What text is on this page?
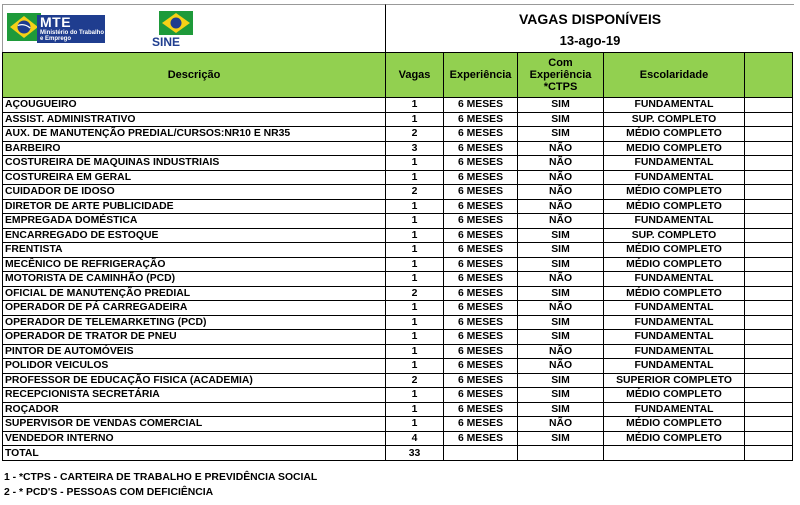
MTE
Ministério do Trabalho e Emprego	SINE
VAGAS DISPONÍVEIS
13-ago-19
Descrição	Vagas	Experiência	Com Experiência *CTPS	Escolaridade	
AÇOUGUEIRO	1	6 MESES	SIM	FUNDAMENTAL	
ASSIST. ADMINISTRATIVO	1	6 MESES	SIM	SUP. COMPLETO	
AUX. DE MANUTENÇÃO PREDIAL/CURSOS:NR10 E NR35	2	6 MESES	SIM	MÉDIO COMPLETO	
BARBEIRO	3	6 MESES	NÃO	MEDIO COMPLETO	
COSTUREIRA DE MAQUINAS INDUSTRIAIS	1	6 MESES	NÃO	FUNDAMENTAL	
COSTUREIRA EM GERAL	1	6 MESES	NÃO	FUNDAMENTAL	
CUIDADOR DE IDOSO	2	6 MESES	NÃO	MÉDIO COMPLETO	
DIRETOR DE ARTE PUBLICIDADE	1	6 MESES	NÃO	MÉDIO COMPLETO	
EMPREGADA DOMÉSTICA	1	6 MESES	NÃO	FUNDAMENTAL	
ENCARREGADO DE ESTOQUE	1	6 MESES	SIM	SUP. COMPLETO	
FRENTISTA	1	6 MESES	SIM	MÉDIO COMPLETO	
MECÊNICO DE REFRIGERAÇÃO	1	6 MESES	SIM	MÉDIO COMPLETO	
MOTORISTA DE CAMINHÃO (PCD)	1	6 MESES	NÃO	FUNDAMENTAL	
OFICIAL DE MANUTENÇÃO PREDIAL	2	6 MESES	SIM	MÉDIO COMPLETO	
OPERADOR DE PÁ CARREGADEIRA	1	6 MESES	NÃO	FUNDAMENTAL	
OPERADOR DE TELEMARKETING (PCD)	1	6 MESES	SIM	FUNDAMENTAL	
OPERADOR DE TRATOR DE PNEU	1	6 MESES	SIM	FUNDAMENTAL	
PINTOR DE AUTOMÓVEIS	1	6 MESES	NÃO	FUNDAMENTAL	
POLIDOR VEICULOS	1	6 MESES	NÃO	FUNDAMENTAL	
PROFESSOR DE EDUCAÇÃO FISICA (ACADEMIA)	2	6 MESES	SIM	SUPERIOR COMPLETO	
RECEPCIONISTA SECRETÁRIA	1	6 MESES	SIM	MÉDIO COMPLETO	
ROÇADOR	1	6 MESES	SIM	FUNDAMENTAL	
SUPERVISOR DE VENDAS COMERCIAL	1	6 MESES	NÃO	MÉDIO COMPLETO	
VENDEDOR INTERNO	4	6 MESES	SIM	MÉDIO COMPLETO	
TOTAL	33				
1 - *CTPS - CARTEIRA DE TRABALHO E PREVIDÊNCIA SOCIAL
2 - * PCD'S - PESSOAS COM DEFICIÊNCIA
